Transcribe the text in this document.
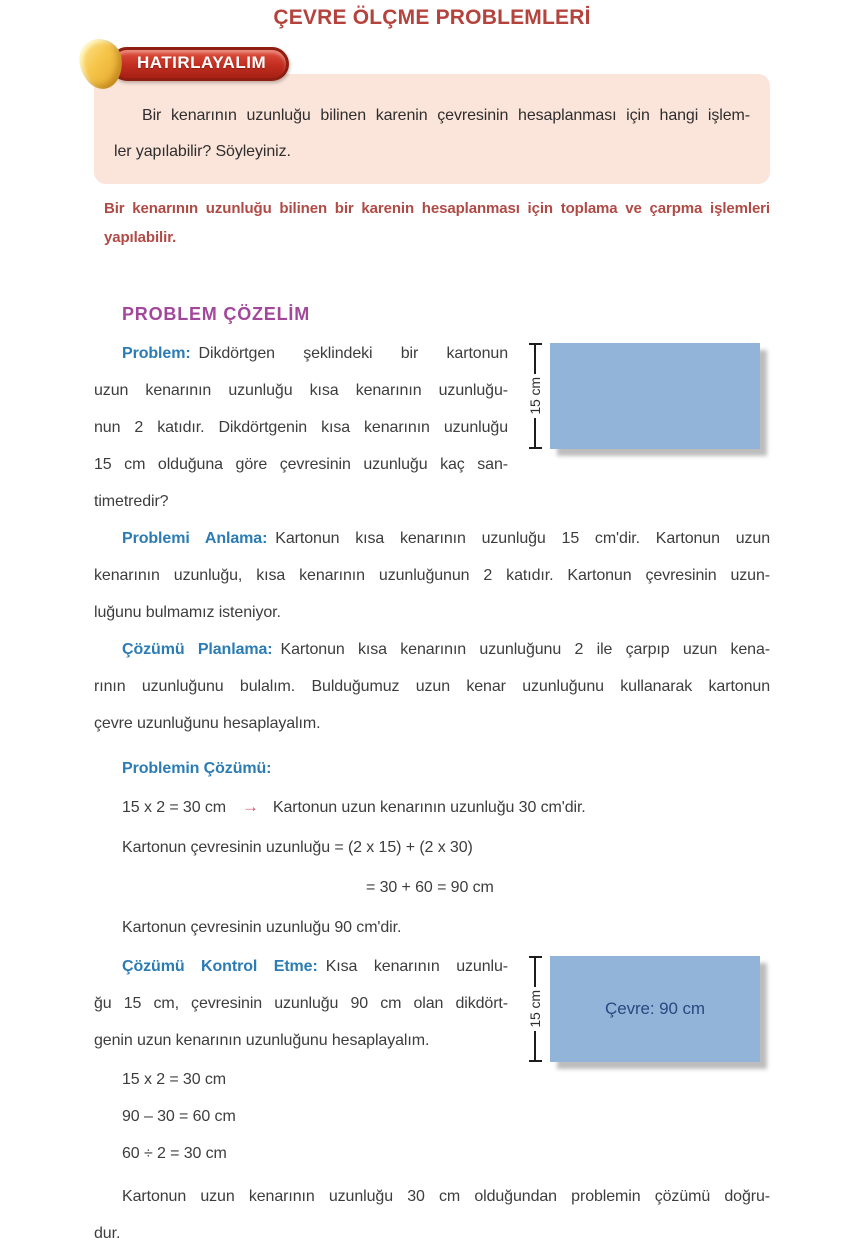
ÇEVRE ÖLÇME PROBLEMLERİ
HATIRLAYALIM
Bir kenarının uzunluğu bilinen karenin çevresinin hesaplanması için hangi işlem-
ler yapılabilir? Söyleyiniz.
Bir kenarının uzunluğu bilinen bir karenin hesaplanması için toplama ve çarpma işlemleri
yapılabilir.
PROBLEM ÇÖZELİM
Problem: Dikdörtgen şeklindeki bir kartonun
uzun kenarının uzunluğu kısa kenarının uzunluğu-
nun 2 katıdır. Dikdörtgenin kısa kenarının uzunluğu
15 cm olduğuna göre çevresinin uzunluğu kaç san-
timetredir?
15 cm
Problemi Anlama: Kartonun kısa kenarının uzunluğu 15 cm'dir. Kartonun uzun
kenarının uzunluğu, kısa kenarının uzunluğunun 2 katıdır. Kartonun çevresinin uzun-
luğunu bulmamız isteniyor.
Çözümü Planlama: Kartonun kısa kenarının uzunluğunu 2 ile çarpıp uzun kena-
rının uzunluğunu bulalım. Bulduğumuz uzun kenar uzunluğunu kullanarak kartonun
çevre uzunluğunu hesaplayalım.
Problemin Çözümü:
15 x 2 = 30 cm → Kartonun uzun kenarının uzunluğu 30 cm'dir.
Kartonun çevresinin uzunluğu = (2 x 15) + (2 x 30)
= 30 + 60 = 90 cm
Kartonun çevresinin uzunluğu 90 cm'dir.
Çözümü Kontrol Etme: Kısa kenarının uzunlu-
ğu 15 cm, çevresinin uzunluğu 90 cm olan dikdört-
genin uzun kenarının uzunluğunu hesaplayalım.
15 x 2 = 30 cm
90 – 30 = 60 cm
60 ÷ 2 = 30 cm
15 cm	Çevre: 90 cm
Kartonun uzun kenarının uzunluğu 30 cm olduğundan problemin çözümü doğru-
dur.
